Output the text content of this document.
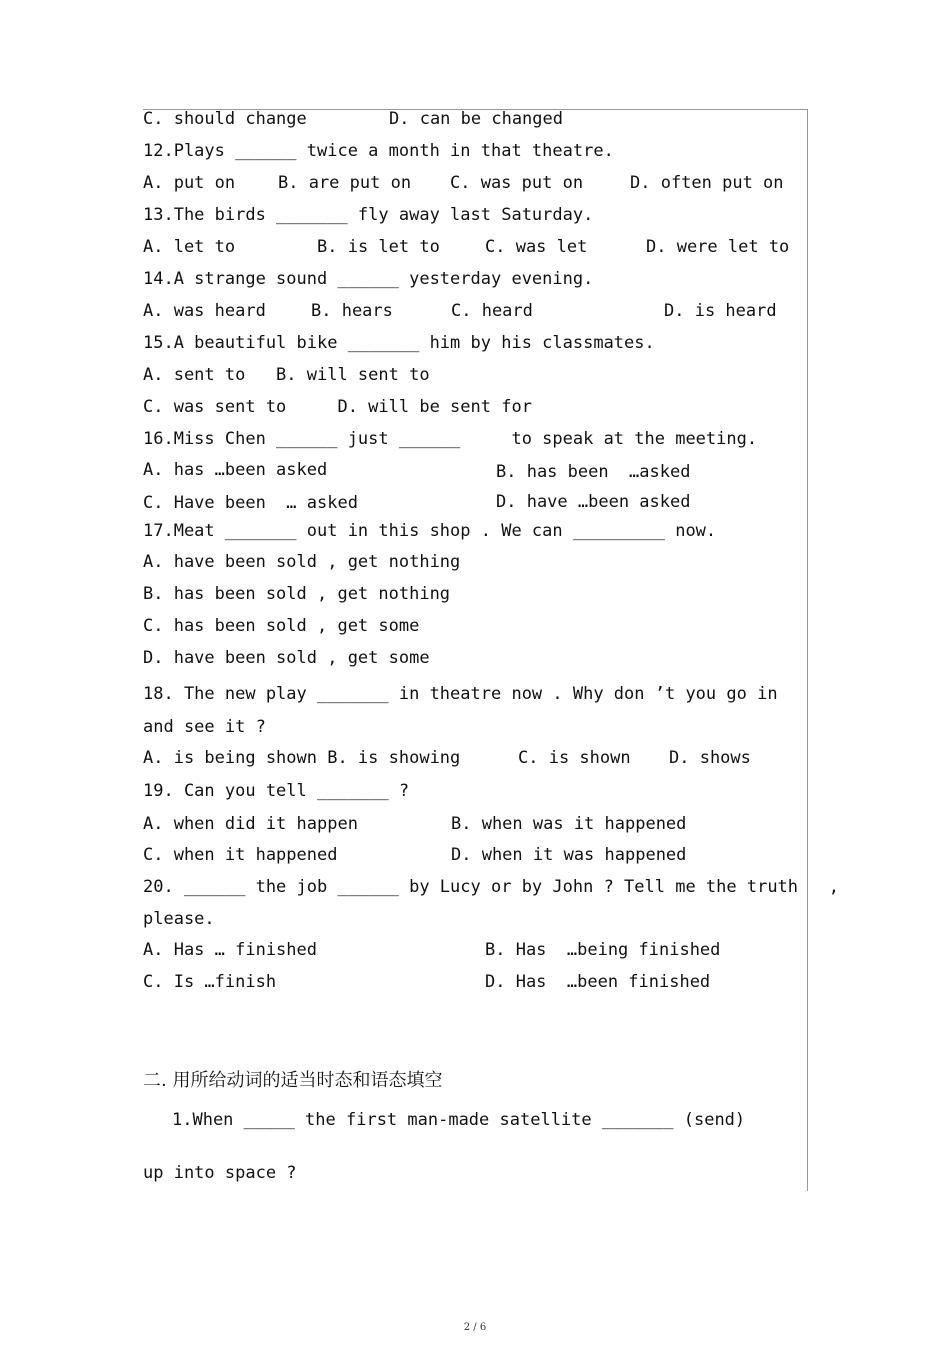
C. should change	D. can be changed
12.Plays ______ twice a month in that theatre.
A. put on	B. are put on C. was put on	D. often put on
13.The birds _______ fly away last Saturday.
A. let to	B. is let to	C. was let	D. were let to
14.A strange sound ______ yesterday evening.
A. was heard	B. hears	C. heard	D. is heard
15.A beautiful bike _______ him by his classmates.
A. sent to   B. will sent to
C. was sent to     D. will be sent for
16.Miss Chen ______ just ______     to speak at the meeting.
A. has …been asked	B. has been  …asked
C. Have been  … asked	D. have …been asked
17.Meat _______ out in this shop . We can _________ now.
A. have been sold , get nothing
B. has been sold , get nothing
C. has been sold , get some
D. have been sold , get some
18. The new play _______ in theatre now . Why don ’t you go in
and see it ?
A. is being shown B. is showing	C. is shown D. shows
19. Can you tell _______ ?
A. when did it happen	B. when was it happened
C. when it happened	D. when it was happened
20. ______ the job ______ by Lucy or by John ? Tell me the truth   ,
please.
A. Has … finished	B. Has  …being finished
C. Is …finish	D. Has  …been finished
二. 用所给动词的适当时态和语态填空
1.When _____ the first man-made satellite _______ (send)
up into space ?
2 / 6
